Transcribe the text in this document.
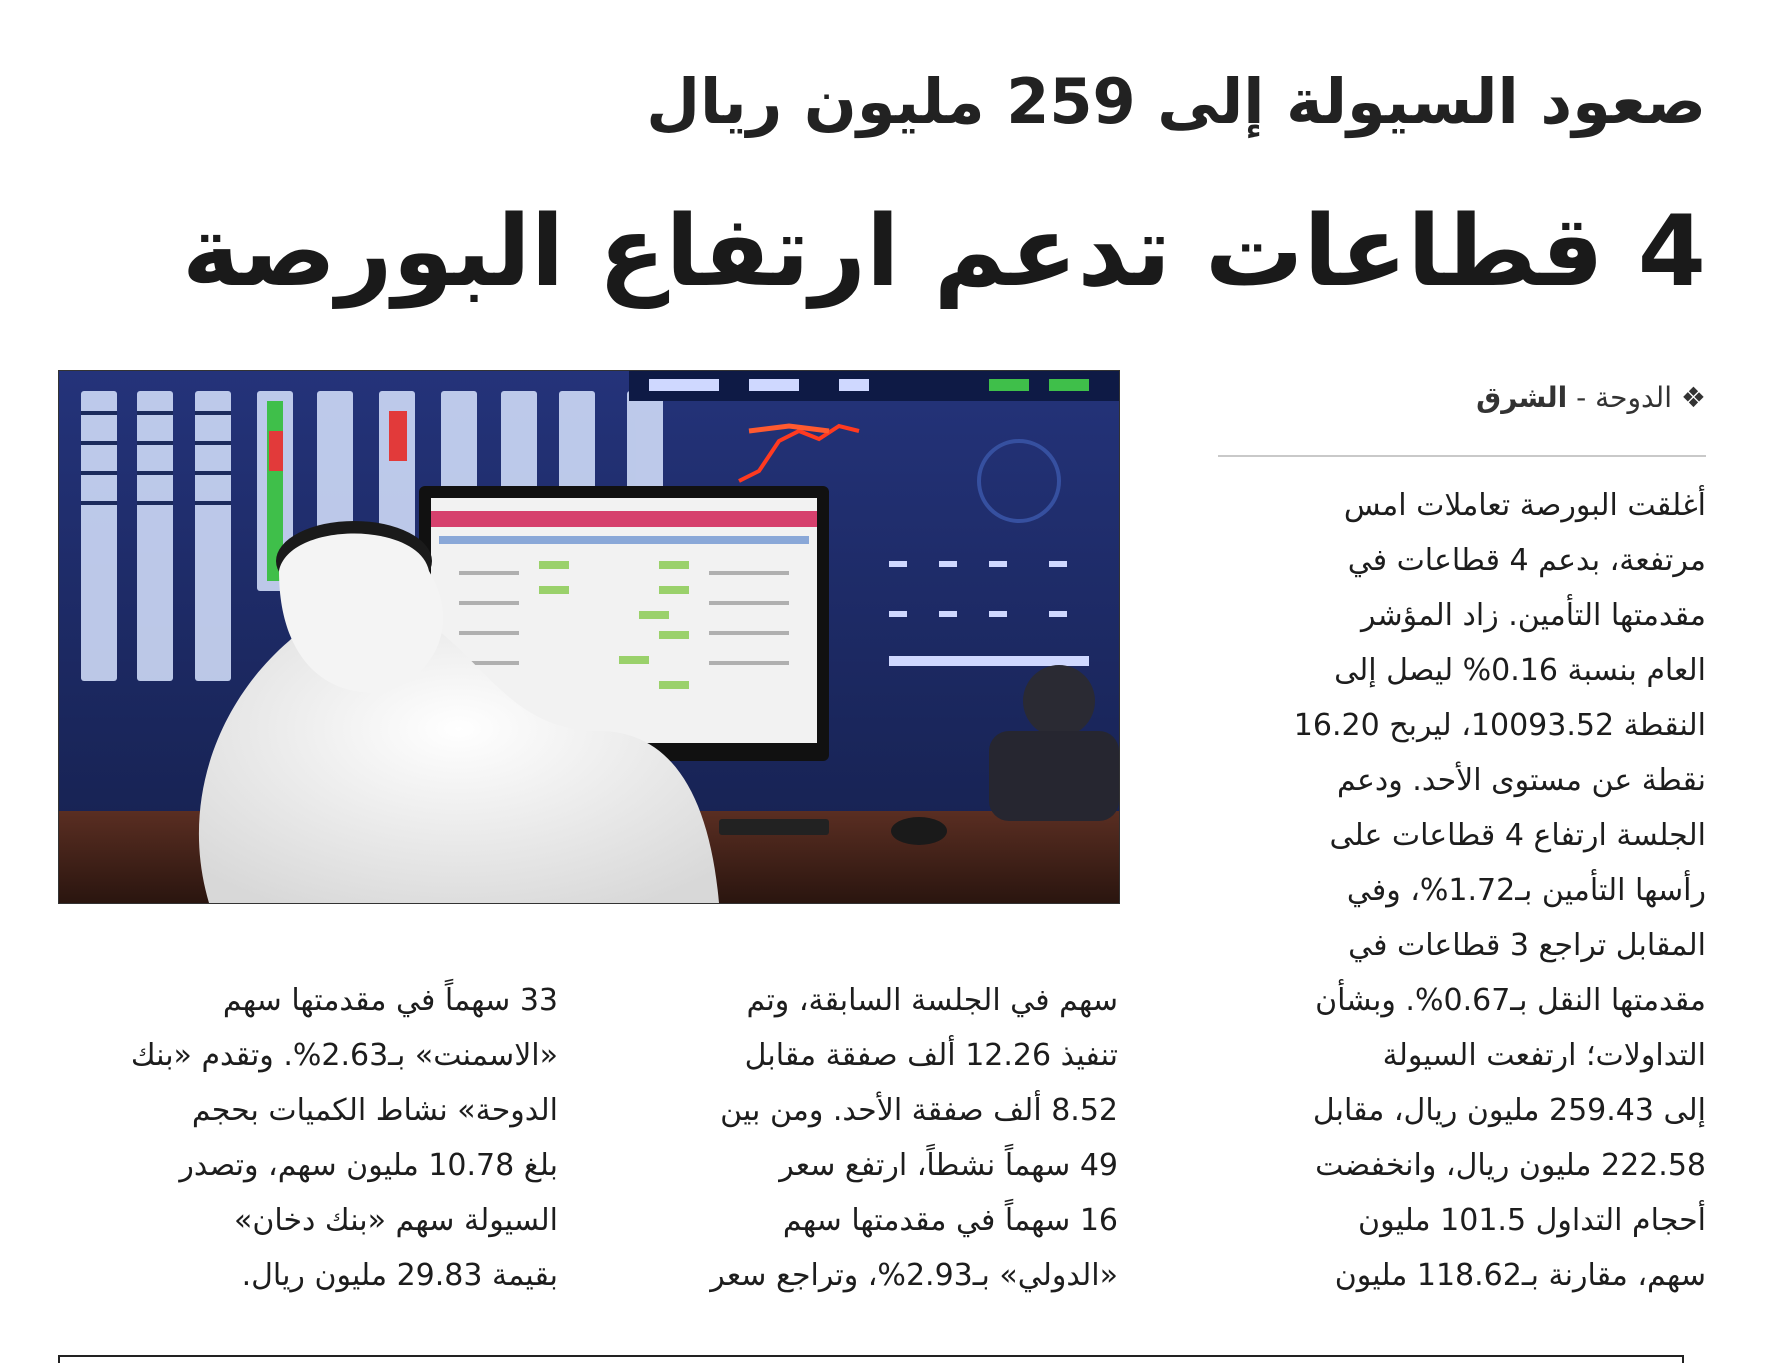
صعود السيولة إلى 259 مليون ريال
4 قطاعات تدعم ارتفاع البورصة
❖ الدوحة - الشرق
أغلقت البورصة تعاملات امس
مرتفعة، بدعم 4 قطاعات في
مقدمتها التأمين. زاد المؤشر
العام بنسبة 0.16% ليصل إلى
النقطة 10093.52، ليربح 16.20
نقطة عن مستوى الأحد. ودعم
الجلسة ارتفاع 4 قطاعات على
رأسها التأمين بـ1.72%، وفي
المقابل تراجع 3 قطاعات في
مقدمتها النقل بـ0.67%. وبشأن
التداولات؛ ارتفعت السيولة
إلى 259.43 مليون ريال، مقابل
222.58 مليون ريال، وانخفضت
أحجام التداول 101.5 مليون
سهم، مقارنة بـ118.62 مليون
سهم في الجلسة السابقة، وتم
تنفيذ 12.26 ألف صفقة مقابل
8.52 ألف صفقة الأحد. ومن بين
49 سهماً نشطاً، ارتفع سعر
16 سهماً في مقدمتها سهم
«الدولي» بـ2.93%، وتراجع سعر
33 سهماً في مقدمتها سهم
«الاسمنت» بـ2.63%. وتقدم «بنك
الدوحة» نشاط الكميات بحجم
بلغ 10.78 مليون سهم، وتصدر
السيولة سهم «بنك دخان»
بقيمة 29.83 مليون ريال.
